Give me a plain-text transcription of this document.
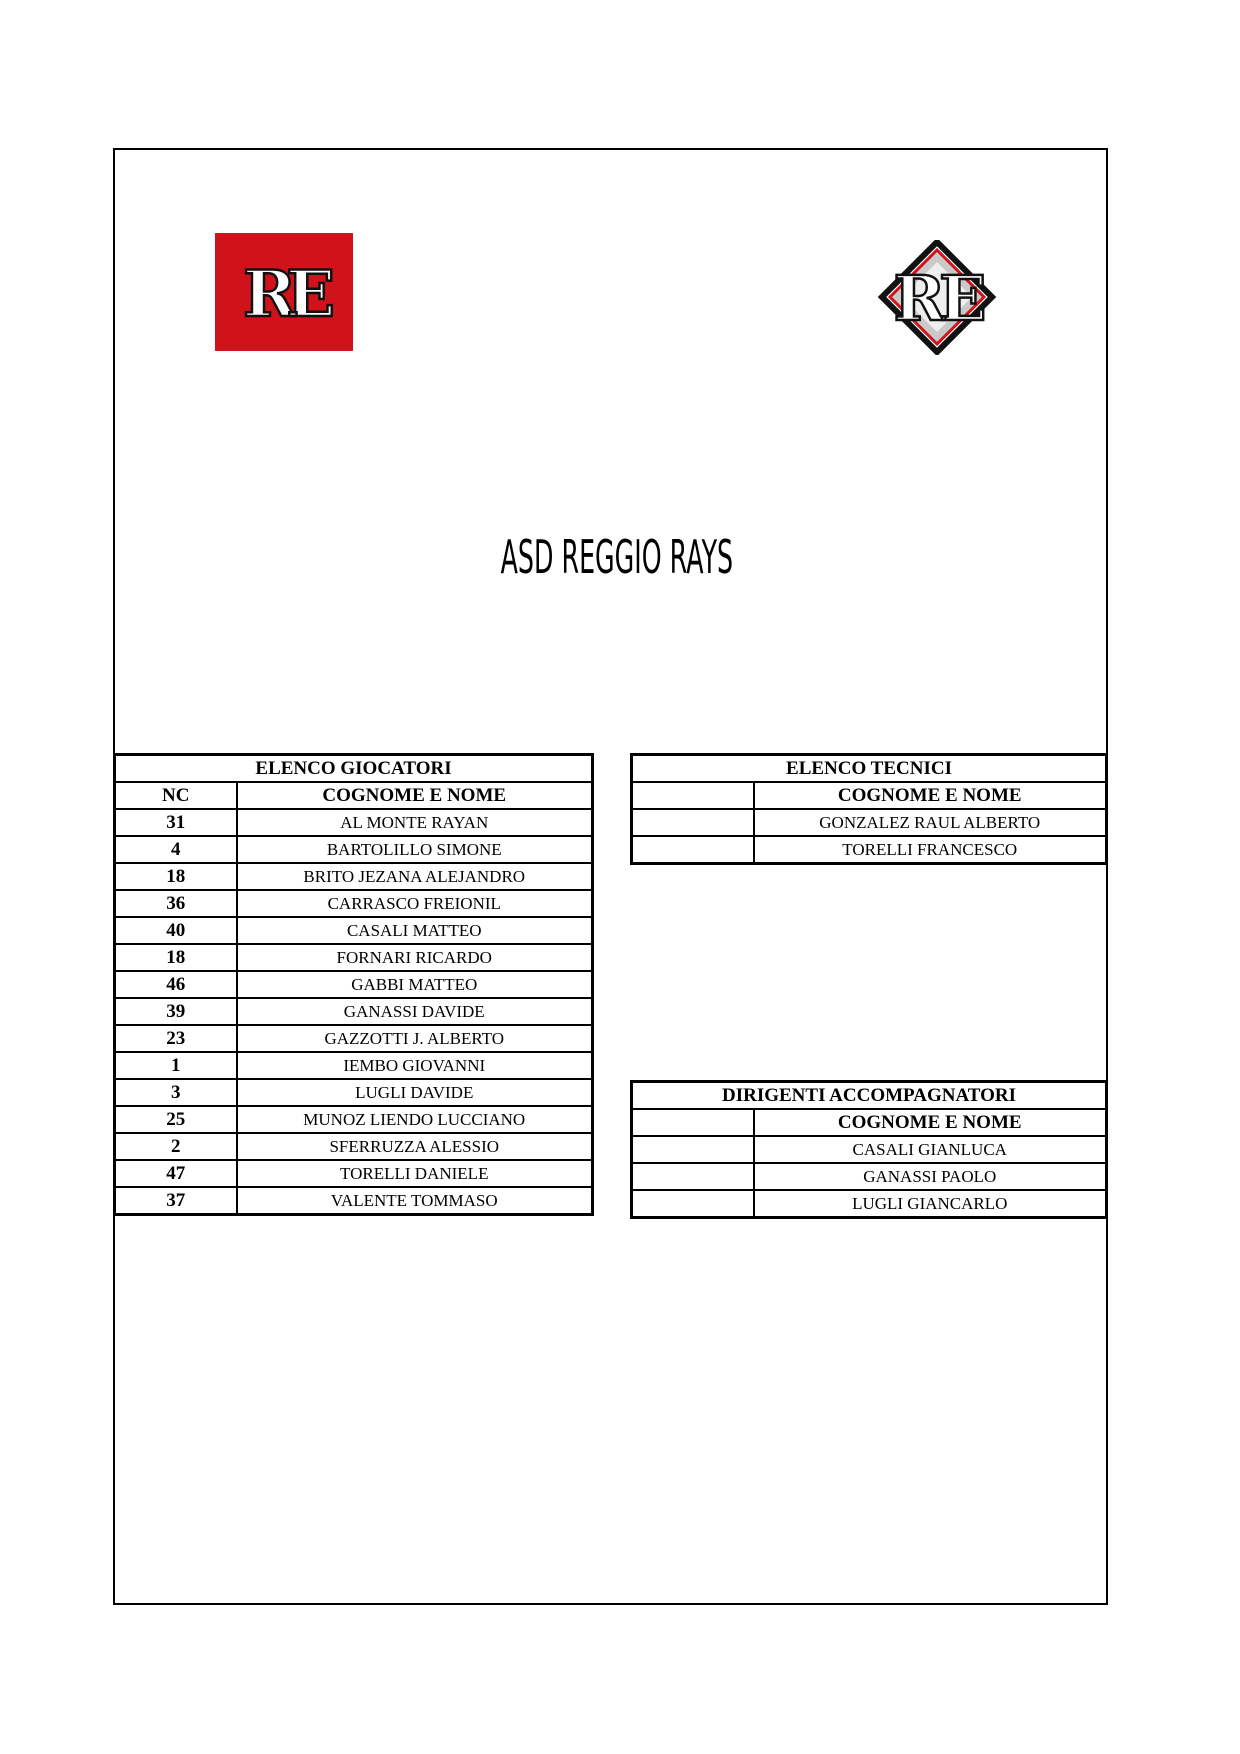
RE	RE
ASD REGGIO RAYS
ELENCO GIOCATORI	
NC	COGNOME E NOME
31	AL MONTE RAYAN
4	BARTOLILLO SIMONE
18	BRITO JEZANA ALEJANDRO
36	CARRASCO FREIONIL
40	CASALI MATTEO
18	FORNARI RICARDO
46	GABBI MATTEO
39	GANASSI DAVIDE
23	GAZZOTTI J. ALBERTO
1	IEMBO GIOVANNI
3	LUGLI DAVIDE
25	MUNOZ LIENDO LUCCIANO
2	SFERRUZZA ALESSIO
47	TORELLI DANIELE
37	VALENTE TOMMASO
ELENCO TECNICI	
	COGNOME E NOME
	GONZALEZ RAUL ALBERTO
	TORELLI FRANCESCO
DIRIGENTI ACCOMPAGNATORI	
	COGNOME E NOME
	CASALI GIANLUCA
	GANASSI PAOLO
	LUGLI GIANCARLO
